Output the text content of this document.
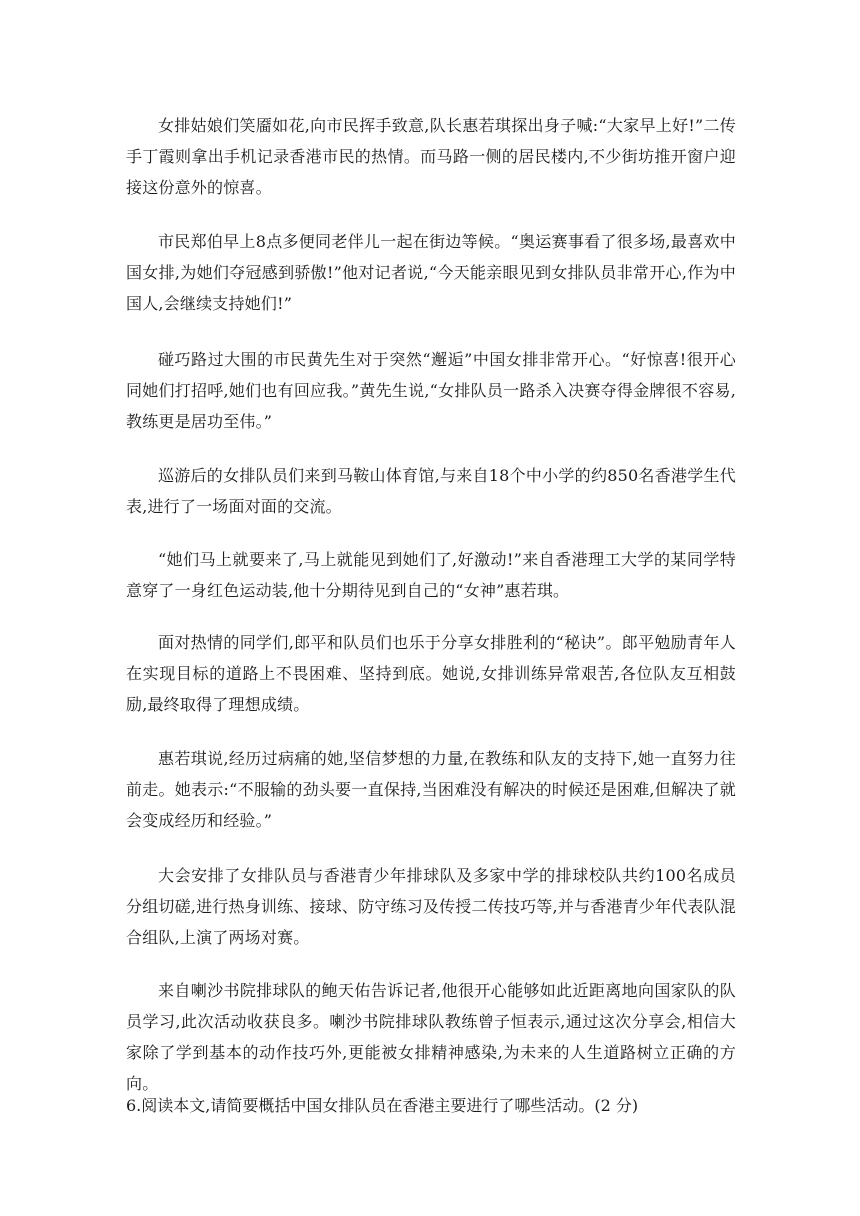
女排姑娘们笑靥如花,向市民挥手致意,队长惠若琪探出身子喊:“大家早上好!”二传手丁霞则拿出手机记录香港市民的热情。而马路一侧的居民楼内,不少街坊推开窗户迎接这份意外的惊喜。

市民郑伯早上8点多便同老伴儿一起在街边等候。“奥运赛事看了很多场,最喜欢中国女排,为她们夺冠感到骄傲!”他对记者说,“今天能亲眼见到女排队员非常开心,作为中国人,会继续支持她们!”

碰巧路过大围的市民黄先生对于突然“邂逅”中国女排非常开心。“好惊喜!很开心同她们打招呼,她们也有回应我。”黄先生说,“女排队员一路杀入决赛夺得金牌很不容易,教练更是居功至伟。”

巡游后的女排队员们来到马鞍山体育馆,与来自18个中小学的约850名香港学生代表,进行了一场面对面的交流。

“她们马上就要来了,马上就能见到她们了,好激动!”来自香港理工大学的某同学特意穿了一身红色运动装,他十分期待见到自己的“女神”惠若琪。

面对热情的同学们,郎平和队员们也乐于分享女排胜利的“秘诀”。郎平勉励青年人在实现目标的道路上不畏困难、坚持到底。她说,女排训练异常艰苦,各位队友互相鼓励,最终取得了理想成绩。

惠若琪说,经历过病痛的她,坚信梦想的力量,在教练和队友的支持下,她一直努力往前走。她表示:“不服输的劲头要一直保持,当困难没有解决的时候还是困难,但解决了就会变成经历和经验。”

大会安排了女排队员与香港青少年排球队及多家中学的排球校队共约100名成员分组切磋,进行热身训练、接球、防守练习及传授二传技巧等,并与香港青少年代表队混合组队,上演了两场对赛。

来自喇沙书院排球队的鲍天佑告诉记者,他很开心能够如此近距离地向国家队的队员学习,此次活动收获良多。喇沙书院排球队教练曾子恒表示,通过这次分享会,相信大家除了学到基本的动作技巧外,更能被女排精神感染,为未来的人生道路树立正确的方向。

6.阅读本文,请简要概括中国女排队员在香港主要进行了哪些活动。(2 分)
